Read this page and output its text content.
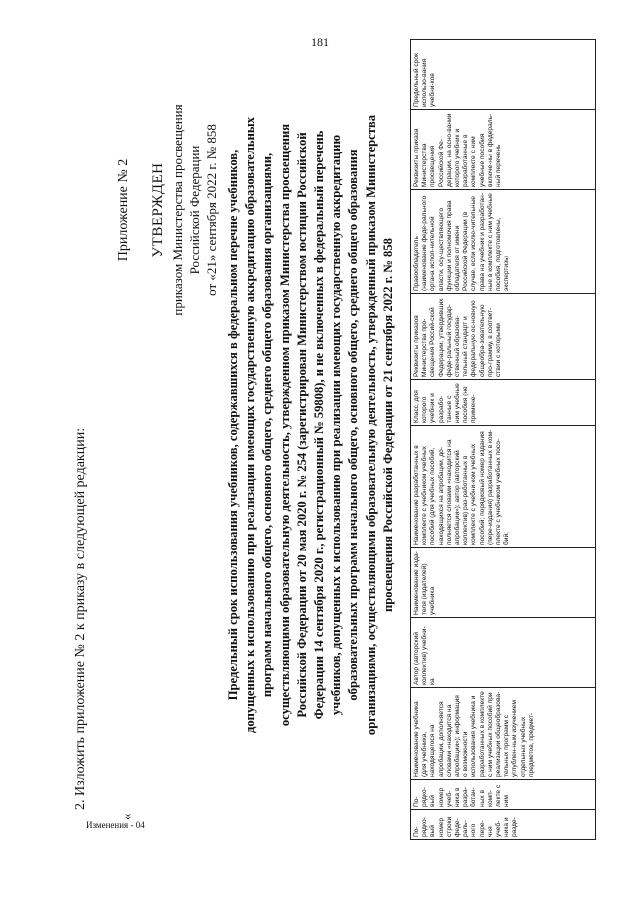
181
2. Изложить приложение № 2 к приказу в следующей редакции:
«
Приложение № 2 УТВЕРЖДЕН приказом Министерства просвещения Российской Федерации от «21» сентября 2022 г. № 858 Предельный срок использования учебников, содержавшихся в федеральном перечне учебников, допущенных к использованию при реализации имеющих государственную аккредитацию образовательных программ начального общего, основного общего, среднего общего образования организациями, осуществляющими образовательную деятельность, утвержденном приказом Министерства просвещения Российской Федерации от 20 мая 2020 г. № 254 (зарегистрирован Министерством юстиции Российской Федерации 14 сентября 2020 г., регистрационный № 59808), и не включенных в федеральный перечень учебников, допущенных к использованию при реализации имеющих государственную аккредитацию образовательных программ начального общего, основного общего, среднего общего образования организациями, осуществляющими образовательную деятельность, утвержденный приказом Министерства просвещения Российской Федерации от 21 сентября 2022 г. № 858
По-рядко-вый номер строки феде-раль-ного пере-чня учеб-ника и разде-	По-рядко-вый номер учеб-ника в разра-ботан-ных в комп-лекте с ним	Наименование учебника (для учебника, находящегося на апробации, дополняется словами «находится на апробации»); информация о возможности использования учебника и разработанных в комплекте с ним учебных пособий при реализации общеобразова-тельных программ с углублен-ным изучением отдельных учебных предметов, предмет-	Автор (авторский коллектив) учебни-ка	Наименование изда-теля (издателей) учебника	Наименование разработанных в комплекте с учебником учебных пособий (для учебных пособий, находящихся на апробации, до-полняется словами «находится на апробации»); автор (авторский коллектив) раз-работанных в комплекте с учебни-ком учебных пособий; порядковый номер издания (пере-издания) разработанных в ком-плекте с учебником учебных посо-бий;	Класс, для которого учебник и разрабо-танные с ним учебные пособия (не примене-	Реквизиты приказов Министерства про-свещения Россий-ской Федерации, утвердивших феде-ральный государ-ственный образова-тельный стандарт и федеральную ос-новную общеобра-зовательную про-грамму, в соответ-ствии с которыми	Правообладатель (наименование феде-рального органа испол-нительной власти, осу-ществляющего функции и полномочия права обладателя от имени Российской Федерации (в случае, если исклю-чительные права на учебник и разработан-ные в комплекте с ним учебные пособия, подготовлены, экспертизы	Реквизиты приказа Министерства просвещения Российской Фе-дерации, на осно-вании которого учебник и разработанные в комплекте с ним учебные пособия включе-ны в федераль-ный перечень	Предельный срок использо-вания учебни-ков
Изменения - 04
